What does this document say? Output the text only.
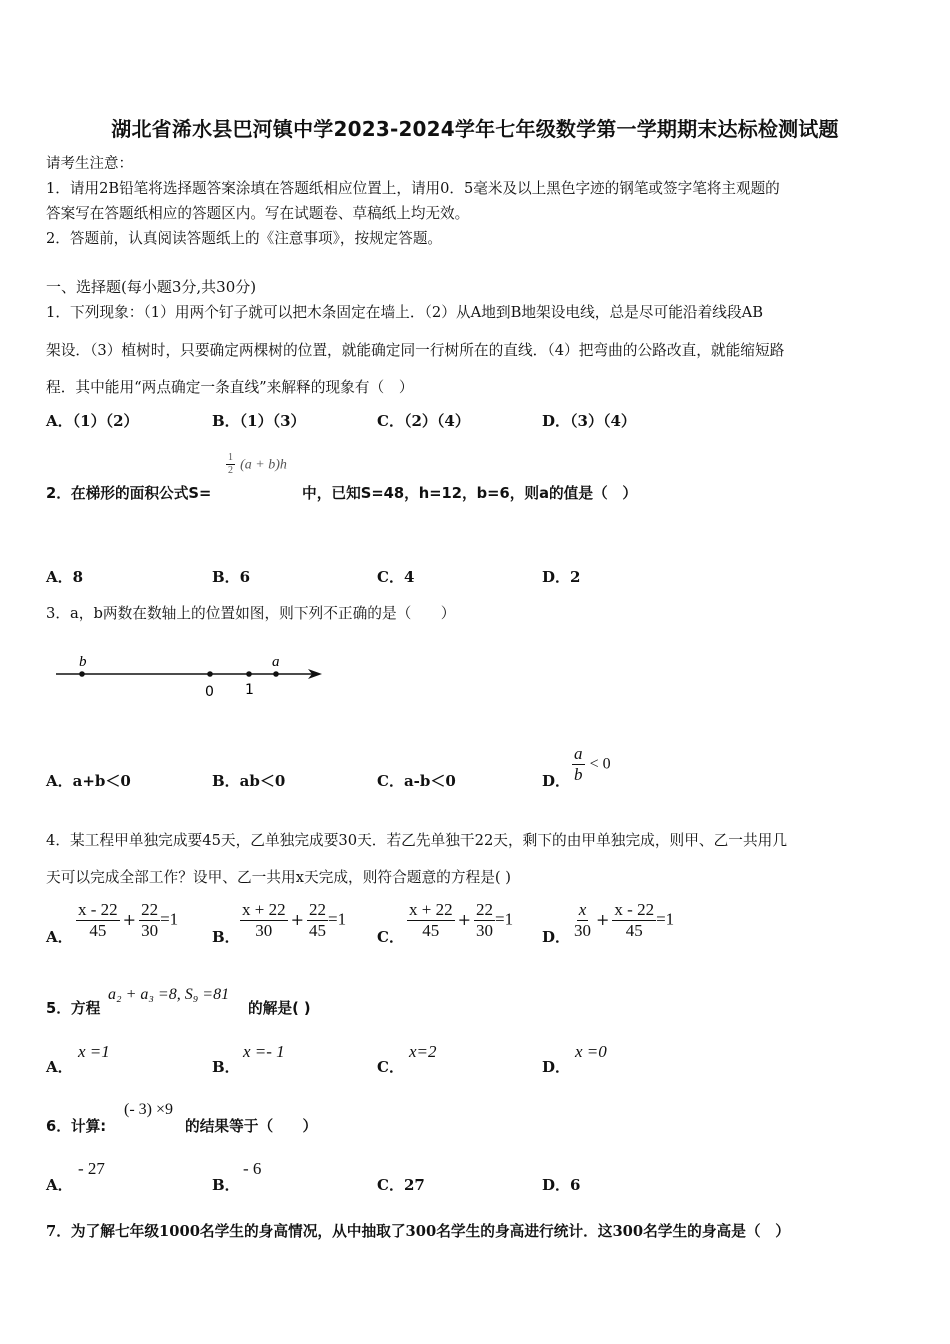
湖北省浠水县巴河镇中学2023-2024学年七年级数学第一学期期末达标检测试题
请考生注意：
1．请用2B铅笔将选择题答案涂填在答题纸相应位置上，请用0．5毫米及以上黑色字迹的钢笔或签字笔将主观题的
答案写在答题纸相应的答题区内。写在试题卷、草稿纸上均无效。
2．答题前，认真阅读答题纸上的《注意事项》，按规定答题。
一、选择题(每小题3分,共30分)
1．下列现象：（1）用两个钉子就可以把木条固定在墙上．（2）从A地到B地架设电线，总是尽可能沿着线段AB
架设．（3）植树时，只要确定两棵树的位置，就能确定同一行树所在的直线．（4）把弯曲的公路改直，就能缩短路
程．其中能用“两点确定一条直线”来解释的现象有（　）
A．（1）（2）	B．（1）（3）	C．（2）（4）	D．（3）（4）
$\frac{1}{2} (a + b)h$
2．在梯形的面积公式S=	中，已知S=48，h=12，b=6，则a的值是（　）
A．8	B．6	C．4	D．2
3．a，b两数在数轴上的位置如图，则下列不正确的是（　　）
b	a
0 1
A．a+b＜0	B．ab＜0	C．a-b＜0	D． $\frac{a}{b} < 0$
4．某工程甲单独完成要45天，乙单独完成要30天．若乙先单独干22天，剩下的由甲单独完成，则甲、乙一共用几
天可以完成全部工作？设甲、乙一共用x天完成，则符合题意的方程是( )
A． $\frac{x - 22}{45} + \frac{22}{30} =1$
B． $\frac{x + 22}{30} + \frac{22}{45} =1$
C． $\frac{x + 22}{45} + \frac{22}{30} =1$
D． $\frac{x}{30} + \frac{x - 22}{45} =1$
5．方程
a₂ + a₃ =8, S₉ =81
的解是( )
A．
x =1
B．
x =- 1
C．
x=2
D．
x =0
6．计算:
(- 3) ×9
的结果等于（　　）
A．
- 27
B．
- 6
C．27	D．6
7．为了解七年级1000名学生的身高情况，从中抽取了300名学生的身高进行统计．这300名学生的身高是（　）
